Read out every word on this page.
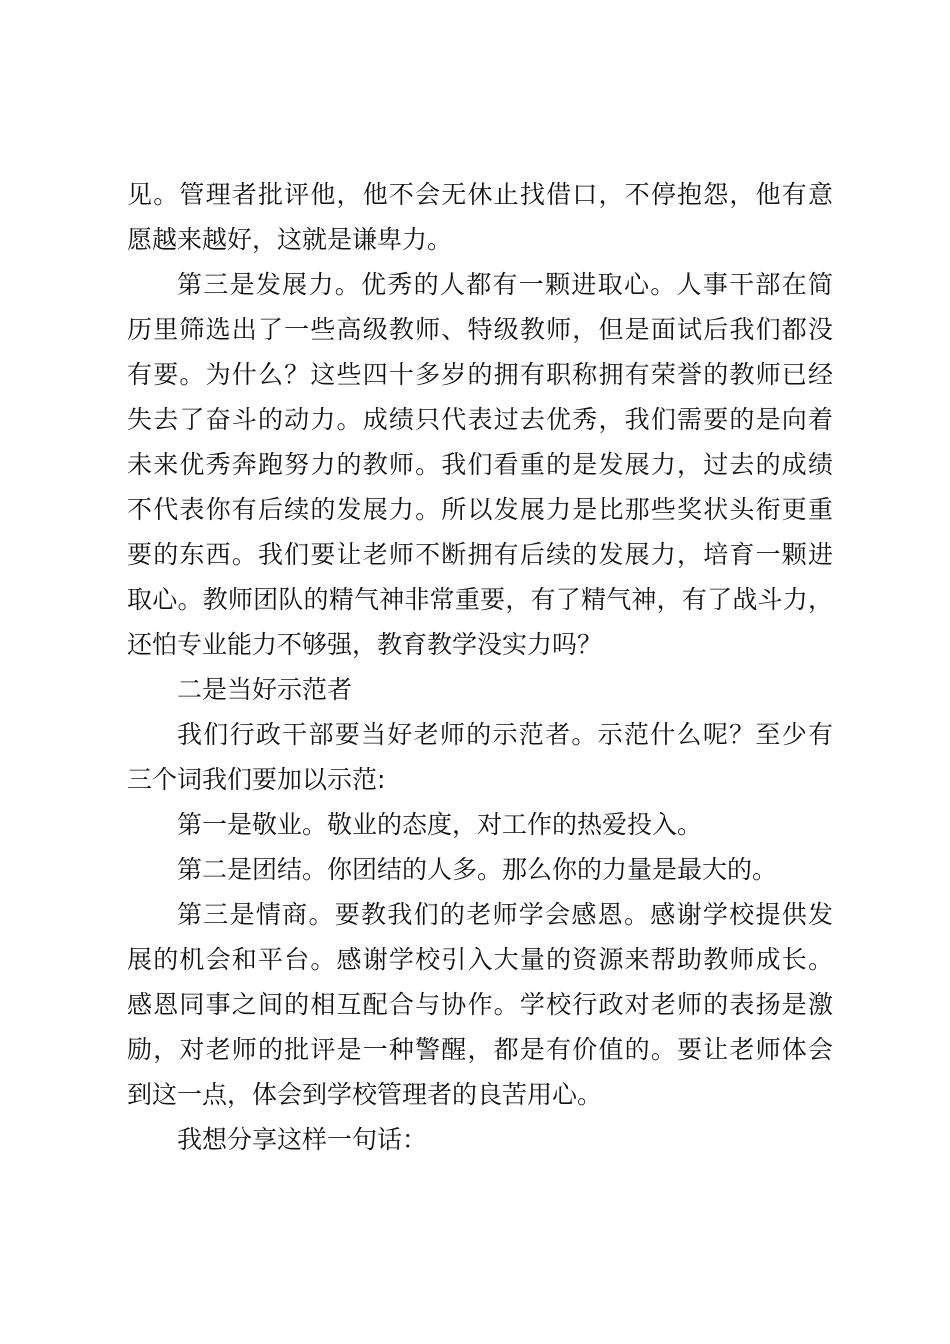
见。管理者批评他，他不会无休止找借口，不停抱怨，他有意
愿越来越好，这就是谦卑力。
第三是发展力。优秀的人都有一颗进取心。人事干部在简
历里筛选出了一些高级教师、特级教师，但是面试后我们都没
有要。为什么？这些四十多岁的拥有职称拥有荣誉的教师已经
失去了奋斗的动力。成绩只代表过去优秀，我们需要的是向着
未来优秀奔跑努力的教师。我们看重的是发展力，过去的成绩
不代表你有后续的发展力。所以发展力是比那些奖状头衔更重
要的东西。我们要让老师不断拥有后续的发展力，培育一颗进
取心。教师团队的精气神非常重要，有了精气神，有了战斗力，
还怕专业能力不够强，教育教学没实力吗？
二是当好示范者
我们行政干部要当好老师的示范者。示范什么呢？至少有
三个词我们要加以示范:
第一是敬业。敬业的态度，对工作的热爱投入。
第二是团结。你团结的人多。那么你的力量是最大的。
第三是情商。要教我们的老师学会感恩。感谢学校提供发
展的机会和平台。感谢学校引入大量的资源来帮助教师成长。
感恩同事之间的相互配合与协作。学校行政对老师的表扬是激
励，对老师的批评是一种警醒，都是有价值的。要让老师体会
到这一点，体会到学校管理者的良苦用心。
我想分享这样一句话：
